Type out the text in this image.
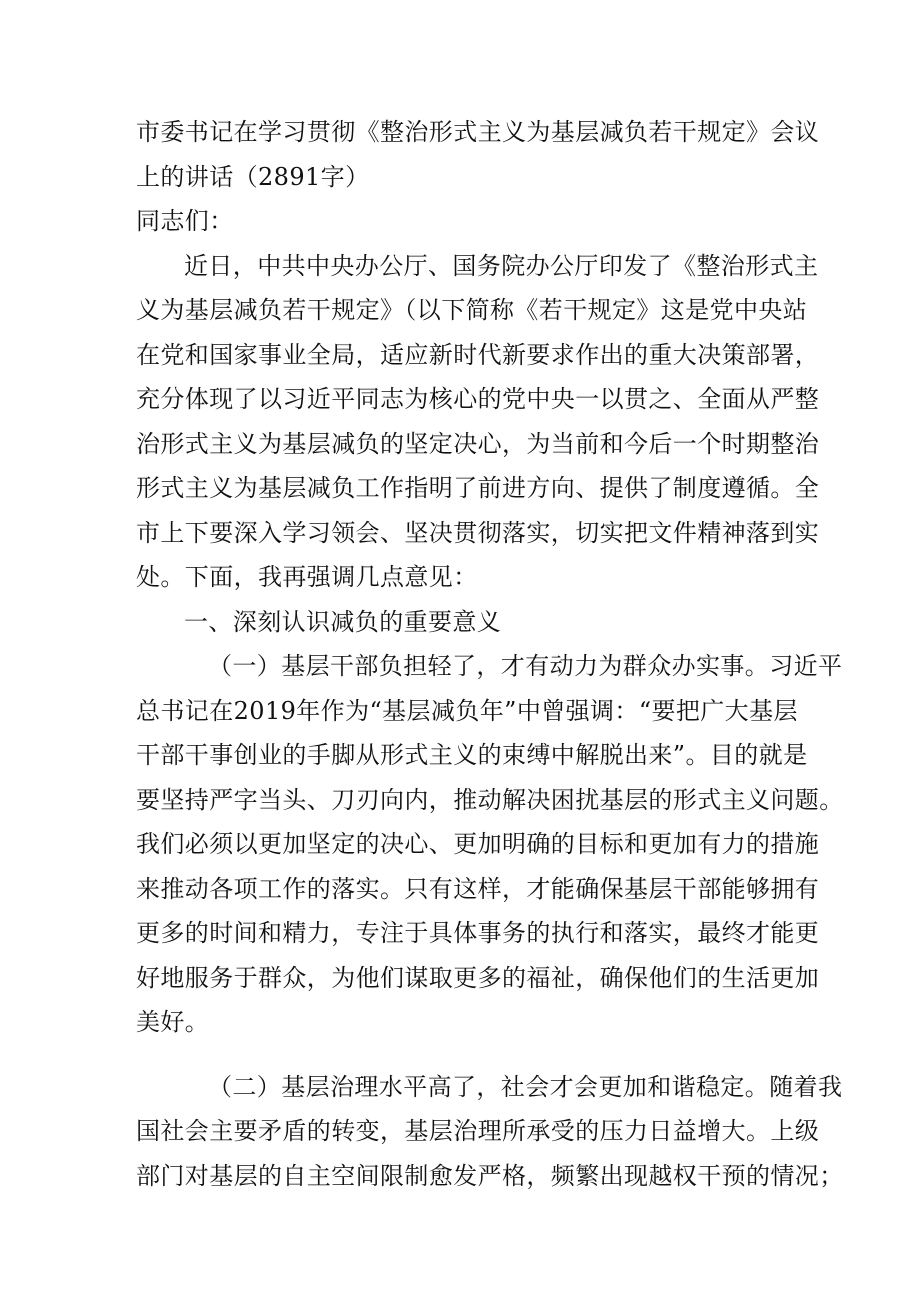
市委书记在学习贯彻《整治形式主义为基层减负若干规定》会议
上的讲话（2891字）
同志们：
近日，中共中央办公厅、国务院办公厅印发了《整治形式主
义为基层减负若干规定》（以下简称《若干规定》这是党中央站
在党和国家事业全局，适应新时代新要求作出的重大决策部署，
充分体现了以习近平同志为核心的党中央一以贯之、全面从严整
治形式主义为基层减负的坚定决心，为当前和今后一个时期整治
形式主义为基层减负工作指明了前进方向、提供了制度遵循。全
市上下要深入学习领会、坚决贯彻落实，切实把文件精神落到实
处。下面，我再强调几点意见：
一、深刻认识减负的重要意义
（一）基层干部负担轻了，才有动力为群众办实事。习近平
总书记在2019年作为“基层减负年”中曾强调：“要把广大基层
干部干事创业的手脚从形式主义的束缚中解脱出来”。目的就是
要坚持严字当头、刀刃向内，推动解决困扰基层的形式主义问题。
我们必须以更加坚定的决心、更加明确的目标和更加有力的措施
来推动各项工作的落实。只有这样，才能确保基层干部能够拥有
更多的时间和精力，专注于具体事务的执行和落实，最终才能更
好地服务于群众，为他们谋取更多的福祉，确保他们的生活更加
美好。
（二）基层治理水平高了，社会才会更加和谐稳定。随着我
国社会主要矛盾的转变，基层治理所承受的压力日益增大。上级
部门对基层的自主空间限制愈发严格，频繁出现越权干预的情况；
